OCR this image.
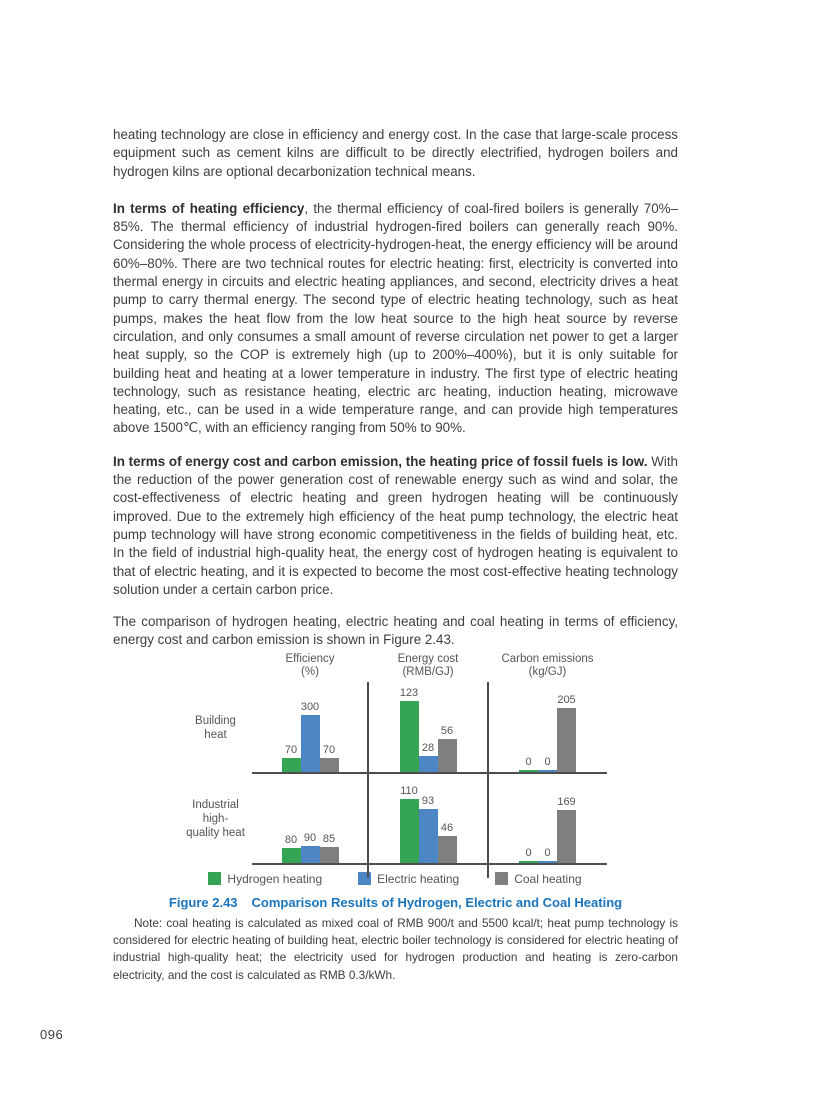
heating technology are close in efficiency and energy cost. In the case that large-scale process equipment such as cement kilns are difficult to be directly electrified, hydrogen boilers and hydrogen kilns are optional decarbonization technical means.

In terms of heating efficiency, the thermal efficiency of coal-fired boilers is generally 70%–85%. The thermal efficiency of industrial hydrogen-fired boilers can generally reach 90%. Considering the whole process of electricity-hydrogen-heat, the energy efficiency will be around 60%–80%. There are two technical routes for electric heating: first, electricity is converted into thermal energy in circuits and electric heating appliances, and second, electricity drives a heat pump to carry thermal energy. The second type of electric heating technology, such as heat pumps, makes the heat flow from the low heat source to the high heat source by reverse circulation, and only consumes a small amount of reverse circulation net power to get a larger heat supply, so the COP is extremely high (up to 200%–400%), but it is only suitable for building heat and heating at a lower temperature in industry. The first type of electric heating technology, such as resistance heating, electric arc heating, induction heating, microwave heating, etc., can be used in a wide temperature range, and can provide high temperatures above 1500℃, with an efficiency ranging from 50% to 90%.

In terms of energy cost and carbon emission, the heating price of fossil fuels is low. With the reduction of the power generation cost of renewable energy such as wind and solar, the cost-effectiveness of electric heating and green hydrogen heating will be continuously improved. Due to the extremely high efficiency of the heat pump technology, the electric heat pump technology will have strong economic competitiveness in the fields of building heat, etc. In the field of industrial high-quality heat, the energy cost of hydrogen heating is equivalent to that of electric heating, and it is expected to become the most cost-effective heating technology solution under a certain carbon price.

The comparison of hydrogen heating, electric heating and coal heating in terms of efficiency, energy cost and carbon emission is shown in Figure 2.43.

Efficiency
(%)
Energy cost
(RMB/GJ)
Carbon emissions
(kg/GJ)
Building heat
70
300
70
123
28
56
0 0
205
Industrial high-
quality heat
80 90 85
110
93
46
0 0
169
Hydrogen heating	Electric heating	Coal heating
Figure 2.43 Comparison Results of Hydrogen, Electric and Coal Heating

Note: coal heating is calculated as mixed coal of RMB 900/t and 5500 kcal/t; heat pump technology is considered for electric heating of building heat, electric boiler technology is considered for electric heating of industrial high-quality heat; the electricity used for hydrogen production and heating is zero-carbon electricity, and the cost is calculated as RMB 0.3/kWh.

096
